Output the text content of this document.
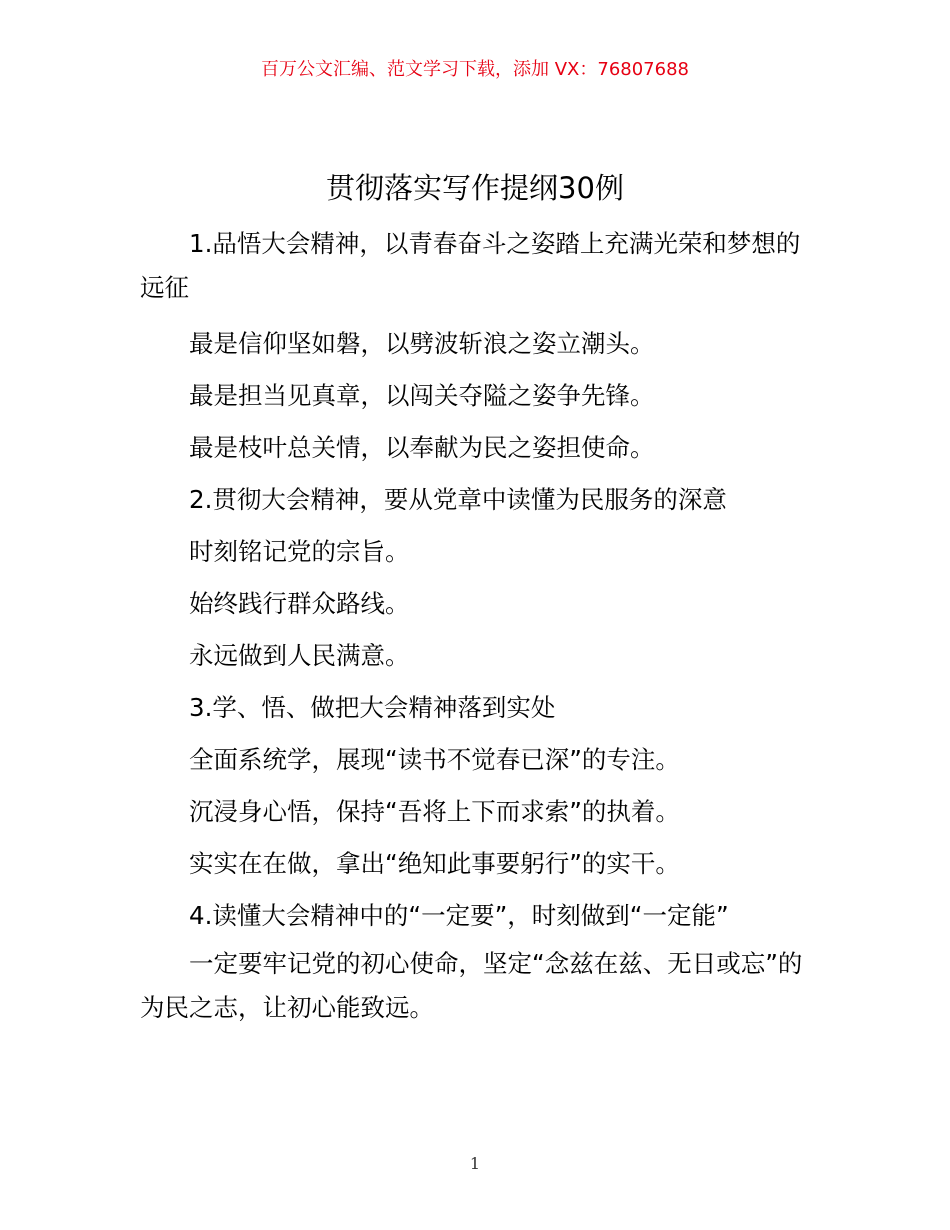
百万公文汇编、范文学习下载，添加 VX：76807688
贯彻落实写作提纲30例

1.品悟大会精神，以青春奋斗之姿踏上充满光荣和梦想的远征

最是信仰坚如磐，以劈波斩浪之姿立潮头。

最是担当见真章，以闯关夺隘之姿争先锋。

最是枝叶总关情，以奉献为民之姿担使命。

2.贯彻大会精神，要从党章中读懂为民服务的深意

时刻铭记党的宗旨。

始终践行群众路线。

永远做到人民满意。

3.学、悟、做把大会精神落到实处

全面系统学，展现“读书不觉春已深”的专注。

沉浸身心悟，保持“吾将上下而求索”的执着。

实实在在做，拿出“绝知此事要躬行”的实干。

4.读懂大会精神中的“一定要”，时刻做到“一定能”

一定要牢记党的初心使命，坚定“念兹在兹、无日或忘”的为民之志，让初心能致远。

1
